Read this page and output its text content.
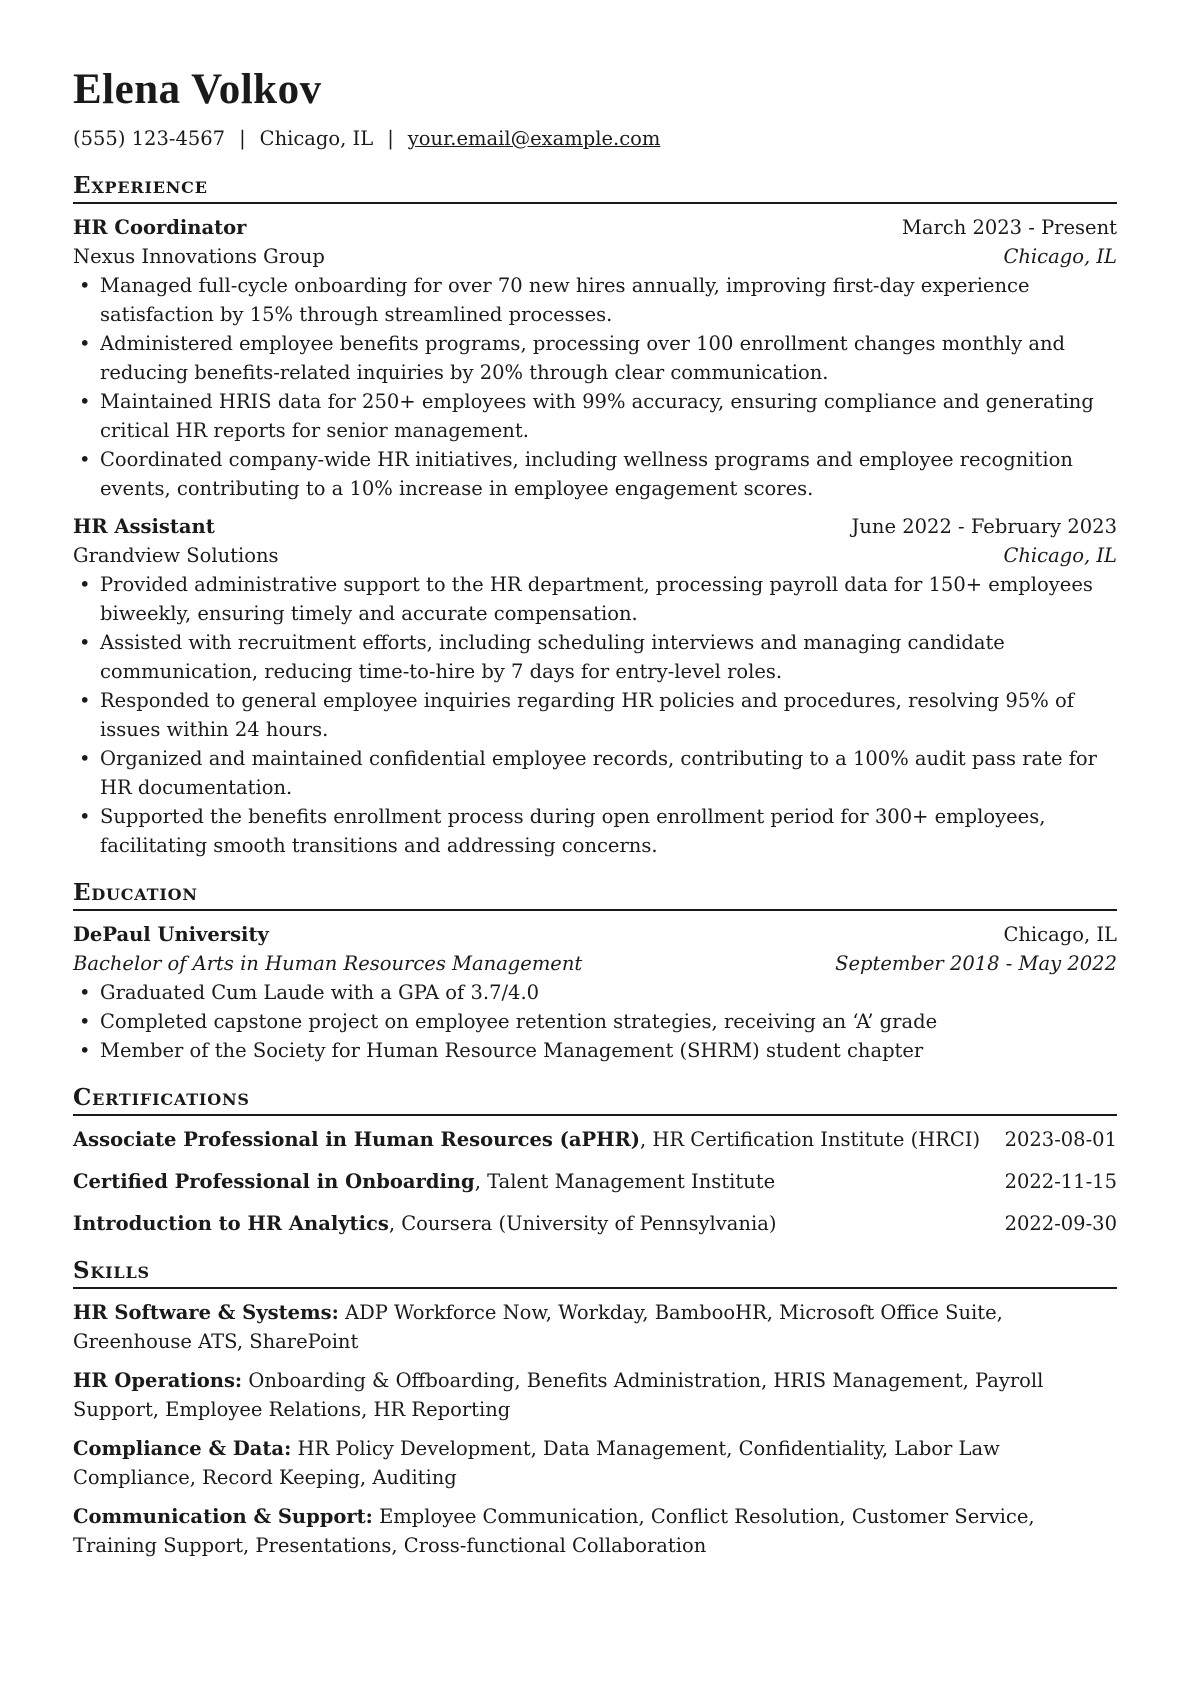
Elena Volkov
(555) 123-4567 | Chicago, IL | your.email@example.com
Experience
HR Coordinator	March 2023 - Present
Nexus Innovations Group	Chicago, IL
• Managed full-cycle onboarding for over 70 new hires annually, improving first-day experience satisfaction by 15% through streamlined processes.
• Administered employee benefits programs, processing over 100 enrollment changes monthly and reducing benefits-related inquiries by 20% through clear communication.
• Maintained HRIS data for 250+ employees with 99% accuracy, ensuring compliance and generating critical HR reports for senior management.
• Coordinated company-wide HR initiatives, including wellness programs and employee recognition events, contributing to a 10% increase in employee engagement scores.
HR Assistant	June 2022 - February 2023
Grandview Solutions	Chicago, IL
• Provided administrative support to the HR department, processing payroll data for 150+ employees biweekly, ensuring timely and accurate compensation.
• Assisted with recruitment efforts, including scheduling interviews and managing candidate communication, reducing time-to-hire by 7 days for entry-level roles.
• Responded to general employee inquiries regarding HR policies and procedures, resolving 95% of issues within 24 hours.
• Organized and maintained confidential employee records, contributing to a 100% audit pass rate for HR documentation.
• Supported the benefits enrollment process during open enrollment period for 300+ employees, facilitating smooth transitions and addressing concerns.
Education
DePaul University	Chicago, IL
Bachelor of Arts in Human Resources Management	September 2018 - May 2022
• Graduated Cum Laude with a GPA of 3.7/4.0
• Completed capstone project on employee retention strategies, receiving an ‘A’ grade
• Member of the Society for Human Resource Management (SHRM) student chapter
Certifications
Associate Professional in Human Resources (aPHR), HR Certification Institute (HRCI) 2023-08-01
Certified Professional in Onboarding, Talent Management Institute	2022-11-15
Introduction to HR Analytics, Coursera (University of Pennsylvania)	2022-09-30
Skills
HR Software & Systems: ADP Workforce Now, Workday, BambooHR, Microsoft Office Suite, Greenhouse ATS, SharePoint
HR Operations: Onboarding & Offboarding, Benefits Administration, HRIS Management, Payroll Support, Employee Relations, HR Reporting
Compliance & Data: HR Policy Development, Data Management, Confidentiality, Labor Law Compliance, Record Keeping, Auditing
Communication & Support: Employee Communication, Conflict Resolution, Customer Service, Training Support, Presentations, Cross-functional Collaboration
